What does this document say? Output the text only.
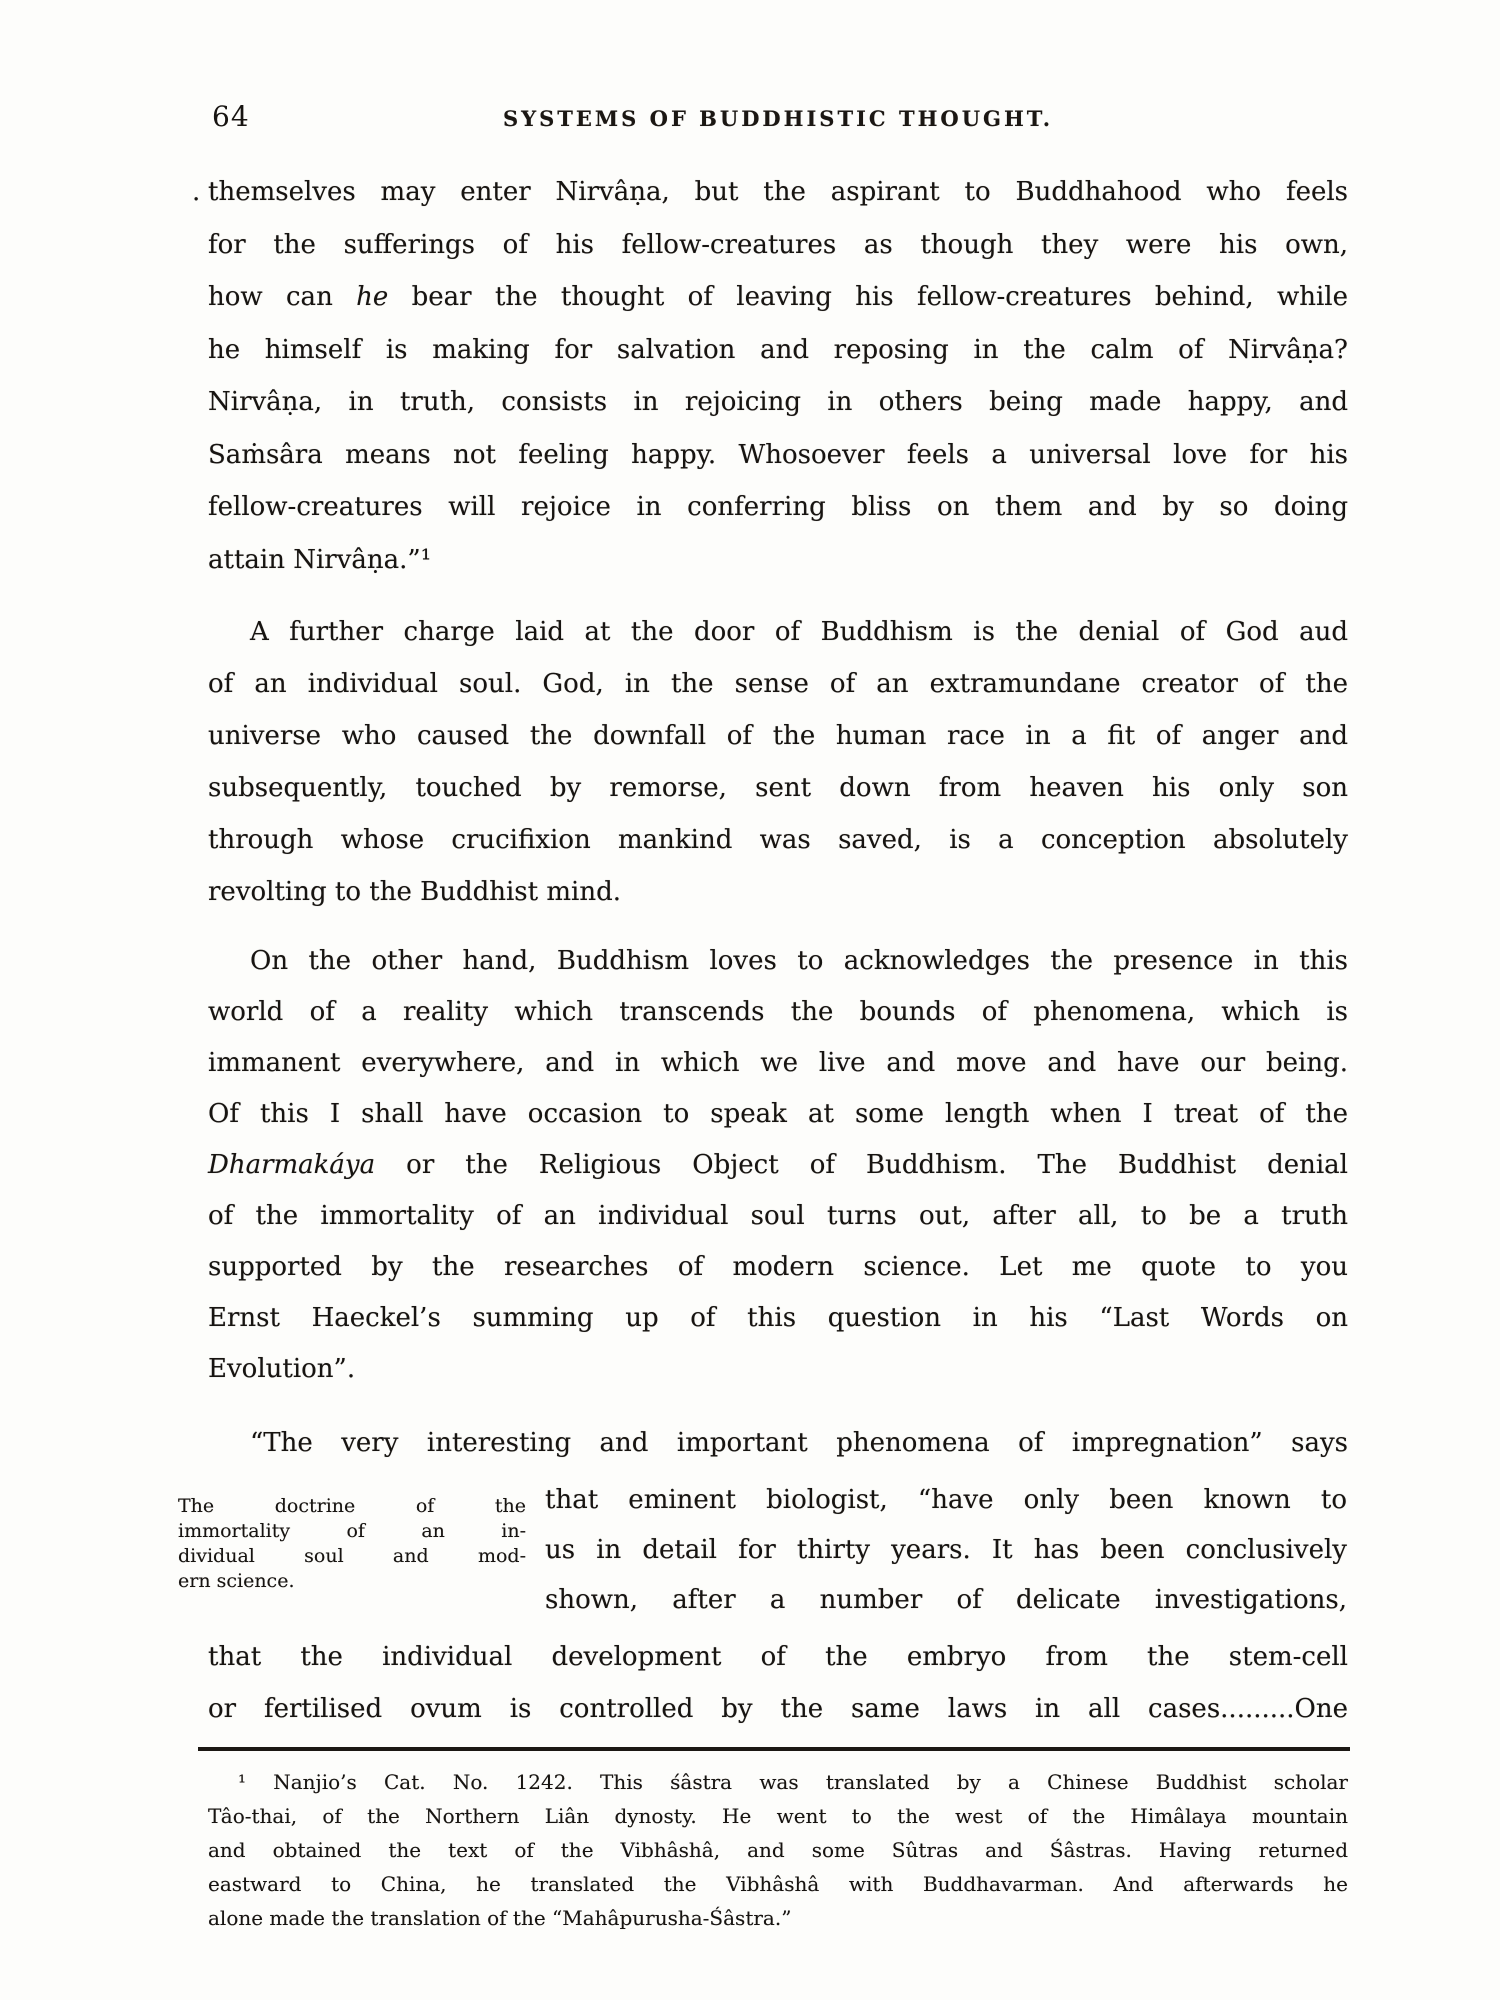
64	SYSTEMS OF BUDDHISTIC THOUGHT.
. themselves may enter Nirvâṇa, but the aspirant to Buddhahood who feels
for the sufferings of his fellow-creatures as though they were his own,
how can he bear the thought of leaving his fellow-creatures behind, while
he himself is making for salvation and reposing in the calm of Nirvâṇa?
Nirvâṇa, in truth, consists in rejoicing in others being made happy, and
Saṁsâra means not feeling happy. Whosoever feels a universal love for his
fellow-creatures will rejoice in conferring bliss on them and by so doing
attain Nirvâṇa.”¹
A further charge laid at the door of Buddhism is the denial of God aud
of an individual soul. God, in the sense of an extramundane creator of the
universe who caused the downfall of the human race in a fit of anger and
subsequently, touched by remorse, sent down from heaven his only son
through whose crucifixion mankind was saved, is a conception absolutely
revolting to the Buddhist mind.
On the other hand, Buddhism loves to acknowledges the presence in this
world of a reality which transcends the bounds of phenomena, which is
immanent everywhere, and in which we live and move and have our being.
Of this I shall have occasion to speak at some length when I treat of the
Dharmakáya or the Religious Object of Buddhism. The Buddhist denial
of the immortality of an individual soul turns out, after all, to be a truth
supported by the researches of modern science. Let me quote to you
Ernst Haeckel’s summing up of this question in his “Last Words on
Evolution”.
“The very interesting and important phenomena of impregnation” says
The doctrine of the
immortality of an in-
dividual soul and mod-
ern science.
that eminent biologist, “have only been known to
us in detail for thirty years. It has been conclusively
shown, after a number of delicate investigations,
that the individual development of the embryo from the stem-cell
or fertilised ovum is controlled by the same laws in all cases.........One
¹ Nanjio’s Cat. No. 1242. This śâstra was translated by a Chinese Buddhist scholar
Tâo-thai, of the Northern Liân dynosty. He went to the west of the Himâlaya mountain
and obtained the text of the Vibhâshâ, and some Sûtras and Śâstras. Having returned
eastward to China, he translated the Vibhâshâ with Buddhavarman. And afterwards he
alone made the translation of the “Mahâpurusha-Śâstra.”
